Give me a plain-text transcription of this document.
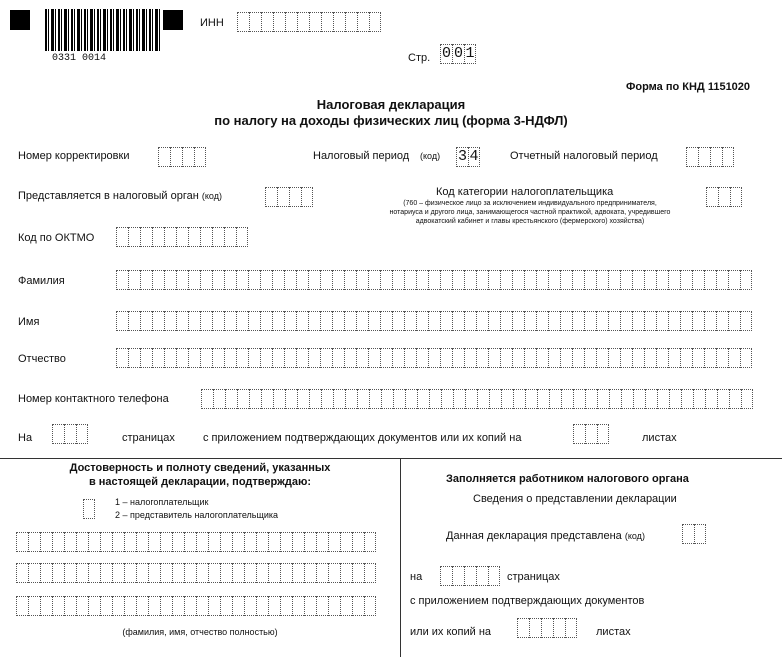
0331 0014
ИНН
Стр. 0 0 1
Форма по КНД 1151020
Налоговая декларация
по налогу на доходы физических лиц (форма 3-НДФЛ)
Номер корректировки	Налоговый период (код) 3 4	Отчетный налоговый период
Представляется в налоговый орган (код)	Код категории налогоплательщика
(760 – физическое лицо за исключением индивидуального предпринимателя,
нотариуса и другого лица, занимающегося частной практикой, адвоката, учредившего
адвокатский кабинет и главы крестьянского (фермерского) хозяйства)
Код по ОКТМО
Фамилия
Имя
Отчество
Номер контактного телефона
На	страницах	с приложением подтверждающих документов или их копий на	листах
Достоверность и полноту сведений, указанных
в настоящей декларации, подтверждаю:
1 – налогоплательщик
2 – представитель налогоплательщика
(фамилия, имя, отчество полностью)
Заполняется работником налогового органа
Сведения о представлении декларации
Данная декларация представлена (код)
на	страницах
с приложением подтверждающих документов
или их копий на	листах
